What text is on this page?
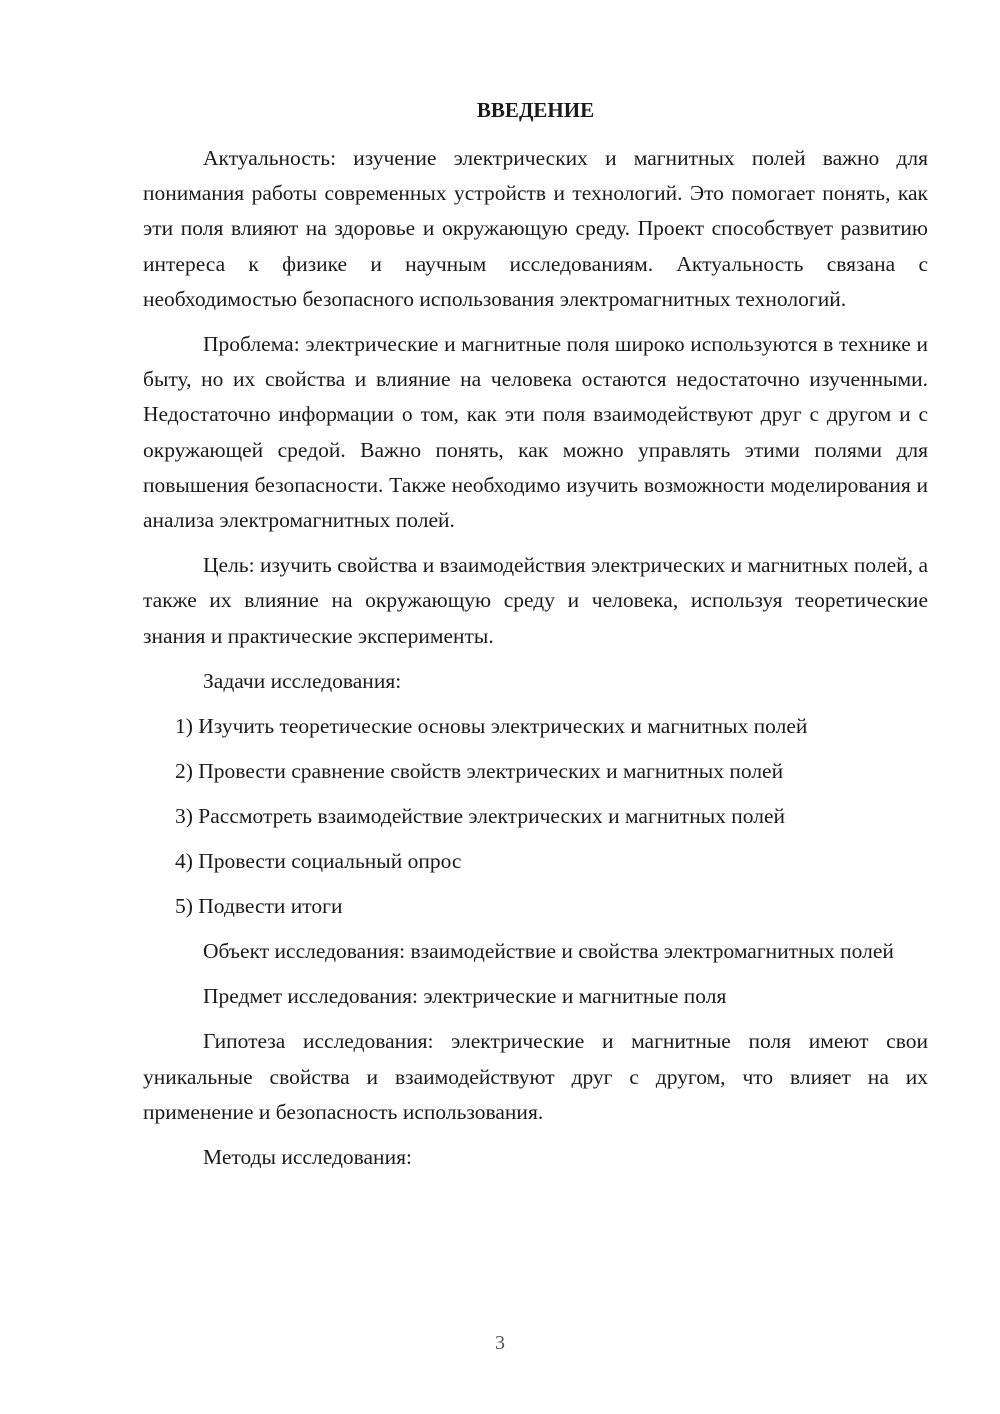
ВВЕДЕНИЕ

Актуальность: изучение электрических и магнитных полей важно для понимания работы современных устройств и технологий. Это помогает понять, как эти поля влияют на здоровье и окружающую среду. Проект способствует развитию интереса к физике и научным исследованиям. Актуальность связана с необходимостью безопасного использования электромагнитных технологий.

Проблема: электрические и магнитные поля широко используются в технике и быту, но их свойства и влияние на человека остаются недостаточно изученными. Недостаточно информации о том, как эти поля взаимодействуют друг с другом и с окружающей средой. Важно понять, как можно управлять этими полями для повышения безопасности. Также необходимо изучить возможности моделирования и анализа электромагнитных полей.

Цель: изучить свойства и взаимодействия электрических и магнитных полей, а также их влияние на окружающую среду и человека, используя теоретические знания и практические эксперименты.

Задачи исследования:

1) Изучить теоретические основы электрических и магнитных полей
2) Провести сравнение свойств электрических и магнитных полей
3) Рассмотреть взаимодействие электрических и магнитных полей
4) Провести социальный опрос
5) Подвести итоги

Объект исследования: взаимодействие и свойства электромагнитных полей

Предмет исследования: электрические и магнитные поля

Гипотеза исследования: электрические и магнитные поля имеют свои уникальные свойства и взаимодействуют друг с другом, что влияет на их применение и безопасность использования.

Методы исследования:

3
